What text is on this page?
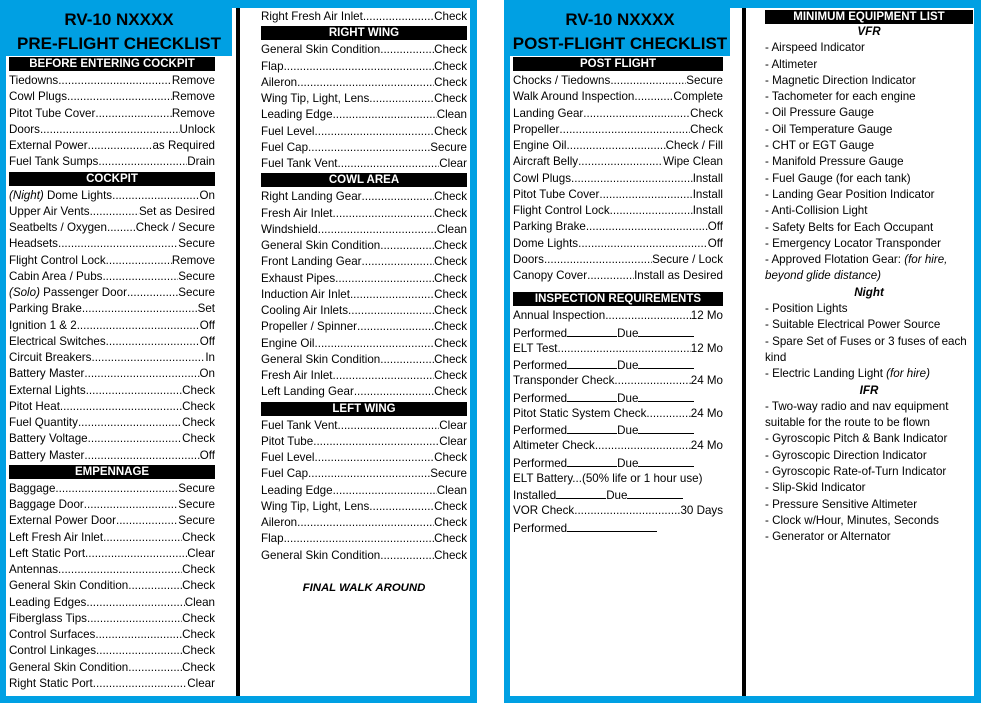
RV-10 NXXXX
PRE-FLIGHT CHECKLIST
BEFORE ENTERING COCKPIT
Tiedowns .....	Remove
Cowl Plugs .....	Remove
Pitot Tube Cover .....	Remove
Doors .....	Unlock
External Power .....	as Required
Fuel Tank Sumps .....	Drain
COCKPIT
(Night) Dome Lights .....	On
Upper Air Vents .....	Set as Desired
Seatbelts / Oxygen ..... Check / Secure
Headsets .....	Secure
Flight Control Lock .....	Remove
Cabin Area / Pubs .....	Secure
(Solo) Passenger Door .....	Secure
Parking Brake .....	Set
Ignition 1 & 2 .....	Off
Electrical Switches .....	Off
Circuit Breakers .....	In
Battery Master .....	On
External Lights .....	Check
Pitot Heat .....	Check
Fuel Quantity .....	Check
Battery Voltage .....	Check
Battery Master .....	Off
EMPENNAGE
Baggage .....	Secure
Baggage Door .....	Secure
External Power Door .....	Secure
Left Fresh Air Inlet .....	Check
Left Static Port .....	Clear
Antennas .....	Check
General Skin Condition .....	Check
Leading Edges .....	Clean
Fiberglass Tips .....	Check
Control Surfaces .....	Check
Control Linkages .....	Check
General Skin Condition .....	Check
Right Static Port .....	Clear
Right Fresh Air Inlet .....	Check
RIGHT WING
General Skin Condition .....	Check
Flap .....	Check
Aileron .....	Check
Wing Tip, Light, Lens .....	Check
Leading Edge .....	Clean
Fuel Level .....	Check
Fuel Cap .....	Secure
Fuel Tank Vent .....	Clear
COWL AREA
Right Landing Gear .....	Check
Fresh Air Inlet .....	Check
Windshield .....	Clean
General Skin Condition .....	Check
Front Landing Gear .....	Check
Exhaust Pipes .....	Check
Induction Air Inlet .....	Check
Cooling Air Inlets .....	Check
Propeller / Spinner .....	Check
Engine Oil .....	Check
General Skin Condition .....	Check
Fresh Air Inlet .....	Check
Left Landing Gear .....	Check
LEFT WING
Fuel Tank Vent .....	Clear
Pitot Tube .....	Clear
Fuel Level .....	Check
Fuel Cap .....	Secure
Leading Edge .....	Clean
Wing Tip, Light, Lens .....	Check
Aileron .....	Check
Flap .....	Check
General Skin Condition .....	Check
FINAL WALK AROUND
RV-10 NXXXX
POST-FLIGHT CHECKLIST
POST FLIGHT
Chocks / Tiedowns .....	Secure
Walk Around Inspection .....	Complete
Landing Gear .....	Check
Propeller .....	Check
Engine Oil .....	Check / Fill
Aircraft Belly .....	Wipe Clean
Cowl Plugs .....	Install
Pitot Tube Cover .....	Install
Flight Control Lock .....	Install
Parking Brake .....	Off
Dome Lights .....	Off
Doors .....	Secure / Lock
Canopy Cover .....	Install as Desired
INSPECTION REQUIREMENTS
Annual Inspection .....	12 Mo
Performed	Due
ELT Test .....	12 Mo
Performed	Due
Transponder Check .....	24 Mo
Performed	Due
Pitot Static System Check .....	24 Mo
Performed	Due
Altimeter Check .....	24 Mo
Performed	Due
ELT Battery...(50% life or 1 hour use)
Installed	Due
VOR Check .....	30 Days
Performed
MINIMUM EQUIPMENT LIST
VFR
- Airspeed Indicator
- Altimeter
- Magnetic Direction Indicator
- Tachometer for each engine
- Oil Pressure Gauge
- Oil Temperature Gauge
- CHT or EGT Gauge
- Manifold Pressure Gauge
- Fuel Gauge (for each tank)
- Landing Gear Position Indicator
- Anti-Collision Light
- Safety Belts for Each Occupant
- Emergency Locator Transponder
- Approved Flotation Gear: (for hire, beyond glide distance)
Night
- Position Lights
- Suitable Electrical Power Source
- Spare Set of Fuses or 3 fuses of each kind
- Electric Landing Light (for hire)
IFR
- Two-way radio and nav equipment suitable for the route to be flown
- Gyroscopic Pitch & Bank Indicator
- Gyroscopic Direction Indicator
- Gyroscopic Rate-of-Turn Indicator
- Slip-Skid Indicator
- Pressure Sensitive Altimeter
- Clock w/Hour, Minutes, Seconds
- Generator or Alternator
